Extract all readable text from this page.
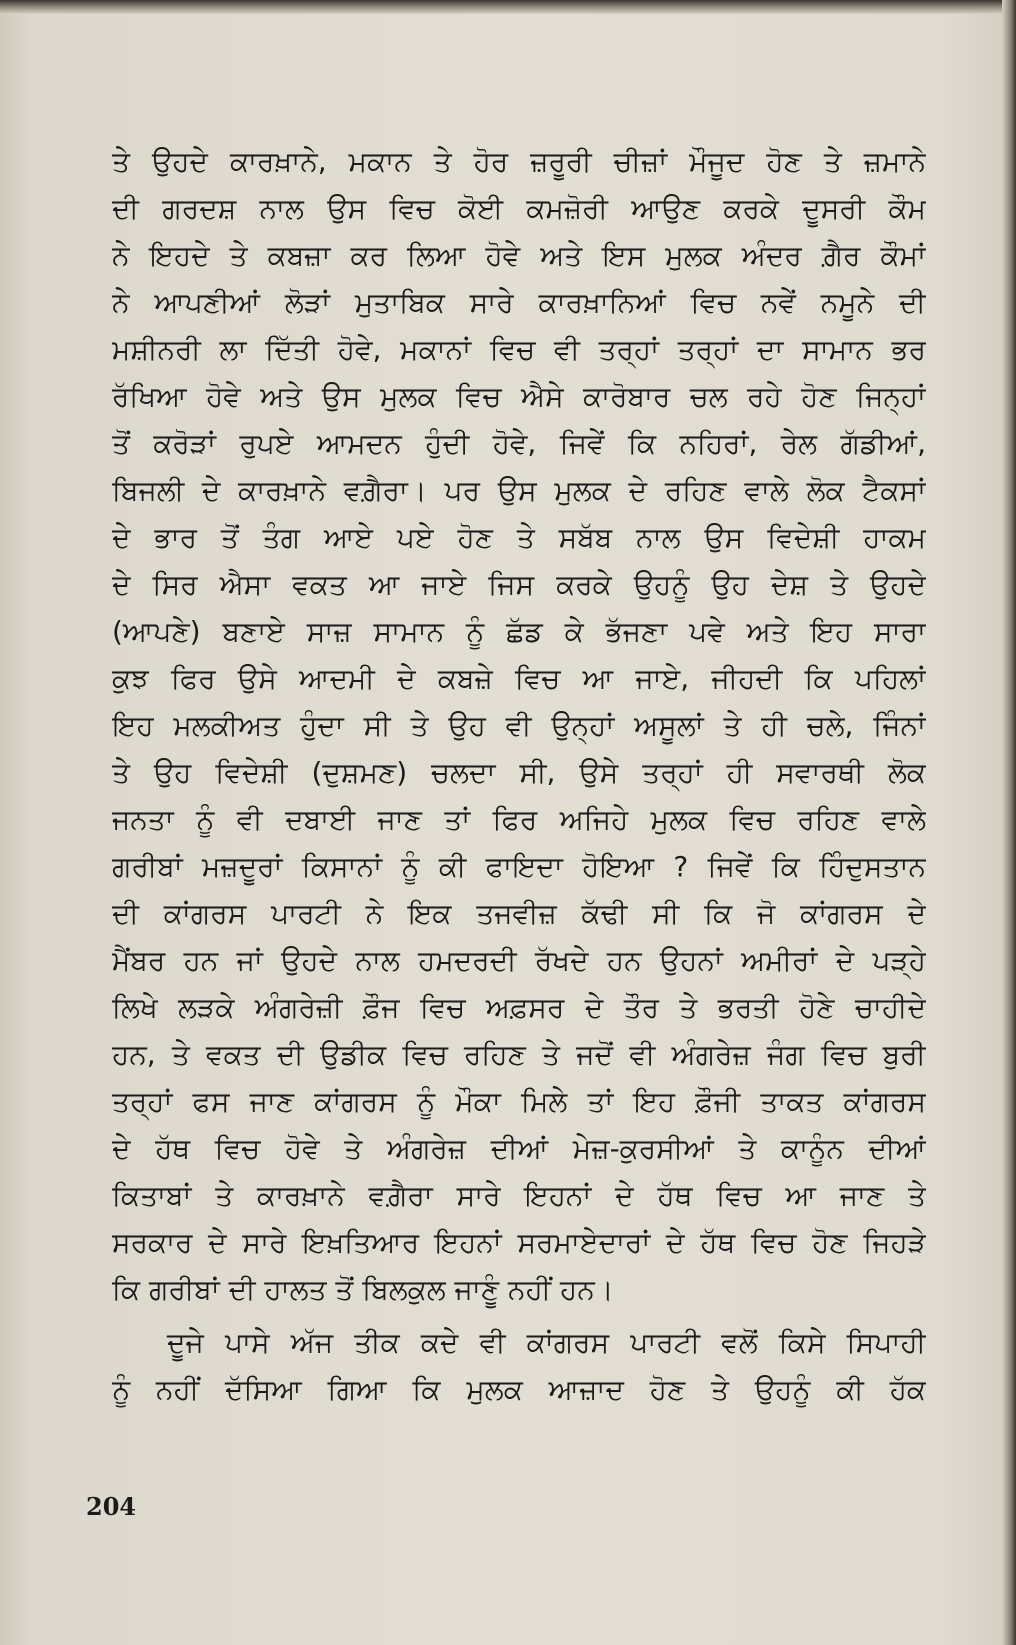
ਤੇ ਉਹਦੇ ਕਾਰਖ਼ਾਨੇ, ਮਕਾਨ ਤੇ ਹੋਰ ਜ਼ਰੂਰੀ ਚੀਜ਼ਾਂ ਮੌਜੂਦ ਹੋਣ ਤੇ ਜ਼ਮਾਨੇ
ਦੀ ਗਰਦਸ਼ ਨਾਲ ਉਸ ਵਿਚ ਕੋਈ ਕਮਜ਼ੋਰੀ ਆਉਣ ਕਰਕੇ ਦੂਸਰੀ ਕੌਮ
ਨੇ ਇਹਦੇ ਤੇ ਕਬਜ਼ਾ ਕਰ ਲਿਆ ਹੋਵੇ ਅਤੇ ਇਸ ਮੁਲਕ ਅੰਦਰ ਗ਼ੈਰ ਕੌਮਾਂ
ਨੇ ਆਪਣੀਆਂ ਲੋੜਾਂ ਮੁਤਾਬਿਕ ਸਾਰੇ ਕਾਰਖ਼ਾਨਿਆਂ ਵਿਚ ਨਵੇਂ ਨਮੂਨੇ ਦੀ
ਮਸ਼ੀਨਰੀ ਲਾ ਦਿੱਤੀ ਹੋਵੇ, ਮਕਾਨਾਂ ਵਿਚ ਵੀ ਤਰ੍ਹਾਂ ਤਰ੍ਹਾਂ ਦਾ ਸਾਮਾਨ ਭਰ
ਰੱਖਿਆ ਹੋਵੇ ਅਤੇ ਉਸ ਮੁਲਕ ਵਿਚ ਐਸੇ ਕਾਰੋਬਾਰ ਚਲ ਰਹੇ ਹੋਣ ਜਿਨ੍ਹਾਂ
ਤੋਂ ਕਰੋੜਾਂ ਰੁਪਏ ਆਮਦਨ ਹੁੰਦੀ ਹੋਵੇ, ਜਿਵੇਂ ਕਿ ਨਹਿਰਾਂ, ਰੇਲ ਗੱਡੀਆਂ,
ਬਿਜਲੀ ਦੇ ਕਾਰਖ਼ਾਨੇ ਵਗ਼ੈਰਾ। ਪਰ ਉਸ ਮੁਲਕ ਦੇ ਰਹਿਣ ਵਾਲੇ ਲੋਕ ਟੈਕਸਾਂ
ਦੇ ਭਾਰ ਤੋਂ ਤੰਗ ਆਏ ਪਏ ਹੋਣ ਤੇ ਸਬੱਬ ਨਾਲ ਉਸ ਵਿਦੇਸ਼ੀ ਹਾਕਮ
ਦੇ ਸਿਰ ਐਸਾ ਵਕਤ ਆ ਜਾਏ ਜਿਸ ਕਰਕੇ ਉਹਨੂੰ ਉਹ ਦੇਸ਼ ਤੇ ਉਹਦੇ
(ਆਪਣੇ) ਬਣਾਏ ਸਾਜ਼ ਸਾਮਾਨ ਨੂੰ ਛੱਡ ਕੇ ਭੱਜਣਾ ਪਵੇ ਅਤੇ ਇਹ ਸਾਰਾ
ਕੁਝ ਫਿਰ ਉਸੇ ਆਦਮੀ ਦੇ ਕਬਜ਼ੇ ਵਿਚ ਆ ਜਾਏ, ਜੀਹਦੀ ਕਿ ਪਹਿਲਾਂ
ਇਹ ਮਲਕੀਅਤ ਹੁੰਦਾ ਸੀ ਤੇ ਉਹ ਵੀ ਉਨ੍ਹਾਂ ਅਸੂਲਾਂ ਤੇ ਹੀ ਚਲੇ, ਜਿੰਨਾਂ
ਤੇ ਉਹ ਵਿਦੇਸ਼ੀ (ਦੁਸ਼ਮਣ) ਚਲਦਾ ਸੀ, ਉਸੇ ਤਰ੍ਹਾਂ ਹੀ ਸਵਾਰਥੀ ਲੋਕ
ਜਨਤਾ ਨੂੰ ਵੀ ਦਬਾਈ ਜਾਣ ਤਾਂ ਫਿਰ ਅਜਿਹੇ ਮੁਲਕ ਵਿਚ ਰਹਿਣ ਵਾਲੇ
ਗਰੀਬਾਂ ਮਜ਼ਦੂਰਾਂ ਕਿਸਾਨਾਂ ਨੂੰ ਕੀ ਫਾਇਦਾ ਹੋਇਆ ? ਜਿਵੇਂ ਕਿ ਹਿੰਦੁਸਤਾਨ
ਦੀ ਕਾਂਗਰਸ ਪਾਰਟੀ ਨੇ ਇਕ ਤਜਵੀਜ਼ ਕੱਢੀ ਸੀ ਕਿ ਜੋ ਕਾਂਗਰਸ ਦੇ
ਮੈਂਬਰ ਹਨ ਜਾਂ ਉਹਦੇ ਨਾਲ ਹਮਦਰਦੀ ਰੱਖਦੇ ਹਨ ਉਹਨਾਂ ਅਮੀਰਾਂ ਦੇ ਪੜ੍ਹੇ
ਲਿਖੇ ਲੜਕੇ ਅੰਗਰੇਜ਼ੀ ਫ਼ੌਜ ਵਿਚ ਅਫ਼ਸਰ ਦੇ ਤੌਰ ਤੇ ਭਰਤੀ ਹੋਣੇ ਚਾਹੀਦੇ
ਹਨ, ਤੇ ਵਕਤ ਦੀ ਉਡੀਕ ਵਿਚ ਰਹਿਣ ਤੇ ਜਦੋਂ ਵੀ ਅੰਗਰੇਜ਼ ਜੰਗ ਵਿਚ ਬੁਰੀ
ਤਰ੍ਹਾਂ ਫਸ ਜਾਣ ਕਾਂਗਰਸ ਨੂੰ ਮੌਕਾ ਮਿਲੇ ਤਾਂ ਇਹ ਫ਼ੌਜੀ ਤਾਕਤ ਕਾਂਗਰਸ
ਦੇ ਹੱਥ ਵਿਚ ਹੋਵੇ ਤੇ ਅੰਗਰੇਜ਼ ਦੀਆਂ ਮੇਜ਼-ਕੁਰਸੀਆਂ ਤੇ ਕਾਨੂੰਨ ਦੀਆਂ
ਕਿਤਾਬਾਂ ਤੇ ਕਾਰਖ਼ਾਨੇ ਵਗ਼ੈਰਾ ਸਾਰੇ ਇਹਨਾਂ ਦੇ ਹੱਥ ਵਿਚ ਆ ਜਾਣ ਤੇ
ਸਰਕਾਰ ਦੇ ਸਾਰੇ ਇਖ਼ਤਿਆਰ ਇਹਨਾਂ ਸਰਮਾਏਦਾਰਾਂ ਦੇ ਹੱਥ ਵਿਚ ਹੋਣ ਜਿਹੜੇ
ਕਿ ਗਰੀਬਾਂ ਦੀ ਹਾਲਤ ਤੋਂ ਬਿਲਕੁਲ ਜਾਣੂੰ ਨਹੀਂ ਹਨ।
ਦੂਜੇ ਪਾਸੇ ਅੱਜ ਤੀਕ ਕਦੇ ਵੀ ਕਾਂਗਰਸ ਪਾਰਟੀ ਵਲੋਂ ਕਿਸੇ ਸਿਪਾਹੀ
ਨੂੰ ਨਹੀਂ ਦੱਸਿਆ ਗਿਆ ਕਿ ਮੁਲਕ ਆਜ਼ਾਦ ਹੋਣ ਤੇ ਉਹਨੂੰ ਕੀ ਹੱਕ
204
